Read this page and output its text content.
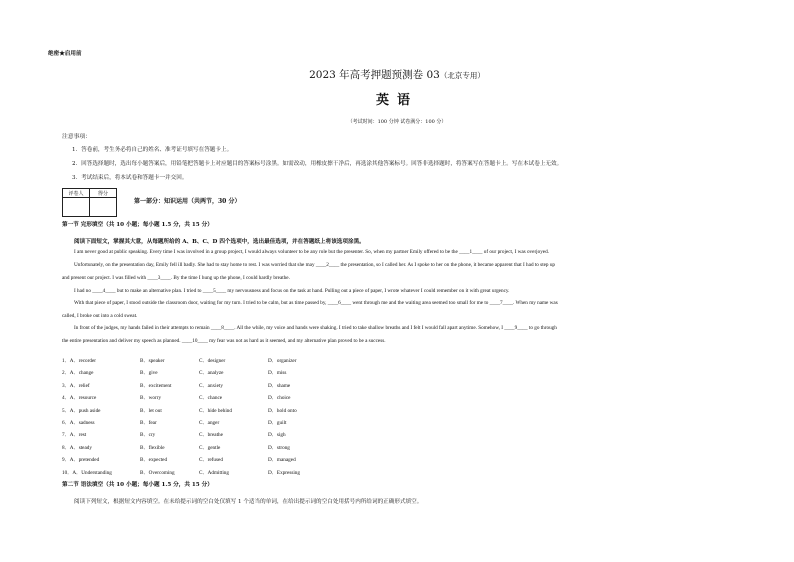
绝密★启用前
2023 年高考押题预测卷 03（北京专用）
英语
（考试时间：100 分钟 试卷满分：100 分）
注意事项：
1．答卷前，考生务必将自己的姓名、准考证号填写在答题卡上。
2．回答选择题时，选出每小题答案后，用铅笔把答题卡上对应题目的答案标号涂黑。如需改动，用橡皮擦干净后，再选涂其他答案标号。回答非选择题时，将答案写在答题卡上。写在本试卷上无效。
3．考试结束后，将本试卷和答题卡一并交回。
评卷人	得分

第一部分：知识运用（共两节，30 分）
第一节 完形填空（共 10 小题；每小题 1.5 分，共 15 分）
阅读下面短文，掌握其大意，从每题所给的 A、B、C、D 四个选项中，选出最佳选项，并在答题纸上将该选项涂黑。
I am never good at public speaking. Every time I was involved in a group project, I would always volunteer to be any role but the presenter. So, when my partner Emily offered to be the ____1____ of our project, I was overjoyed.
Unfortunately, on the presentation day, Emily fell ill badly. She had to stay home to rest. I was worried that she may ____2____ the presentation, so I called her. As I spoke to her on the phone, it became apparent that I had to step up
and present our project. I was filled with ____3____. By the time I hung up the phone, I could hardly breathe.
I had no ____4____ but to make an alternative plan. I tried to ____5____ my nervousness and focus on the task at hand. Pulling out a piece of paper, I wrote whatever I could remember on it with great urgency.
With that piece of paper, I stood outside the classroom door, waiting for my turn. I tried to be calm, but as time passed by, ____6____ went through me and the waiting area seemed too small for me to ____7____. When my name was
called, I broke out into a cold sweat.
In front of the judges, my hands failed in their attempts to remain ____8____. All the while, my voice and hands were shaking. I tried to take shallow breaths and I felt I would fall apart anytime. Somehow, I ____9____ to go through
the entire presentation and deliver my speech as planned. ____10____ my fear was not as hard as it seemed, and my alternative plan proved to be a success.
1．A．recorder	B．speaker	C．designer	D．organizer
2．A．change	B．give	C．analyze	D．miss
3．A．relief	B．excitement	C．anxiety	D．shame
4．A．resource	B．worry	C．chance	D．choice
5．A．push aside	B．let out	C．hide behind	D．hold onto
6．A．sadness	B．fear	C．anger	D．guilt
7．A．rest	B．cry	C．breathe	D．sigh
8．A．steady	B．flexible	C．gentle	D．strong
9．A．pretended	B．expected	C．refused	D．managed
10．A．Understanding	B．Overcoming	C．Admitting	D．Expressing
第二节 语法填空（共 10 小题；每小题 1.5 分，共 15 分）
阅读下列短文，根据短文内容填空。在未给提示词的空白处仅填写 1 个适当的单词，在给出提示词的空白处用括号内所给词的正确形式填空。
